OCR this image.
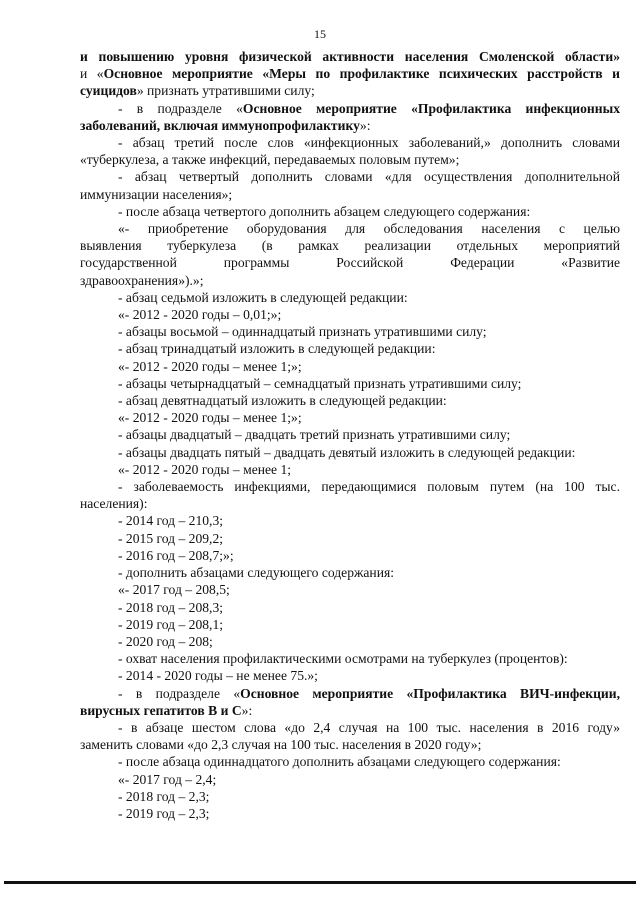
15

и повышению уровня физической активности населения Смоленской области»

и «Основное мероприятие «Меры по профилактике психических расстройств и

суицидов» признать утратившими силу;

- в подразделе «Основное мероприятие «Профилактика инфекционных

заболеваний, включая иммунопрофилактику»:

- абзац третий после слов «инфекционных заболеваний,» дополнить словами

«туберкулеза, а также инфекций, передаваемых половым путем»;

- абзац четвертый дополнить словами «для осуществления дополнительной

иммунизации населения»;

- после абзаца четвертого дополнить абзацем следующего содержания:

«- приобретение оборудования для обследования населения с целью

выявления туберкулеза (в рамках реализации отдельных мероприятий

государственной программы Российской Федерации «Развитие

здравоохранения»).»;

- абзац седьмой изложить в следующей редакции:

«- 2012 - 2020 годы – 0,01;»;

- абзацы восьмой – одиннадцатый признать утратившими силу;

- абзац тринадцатый изложить в следующей редакции:

«- 2012 - 2020 годы – менее 1;»;

- абзацы четырнадцатый – семнадцатый признать утратившими силу;

- абзац девятнадцатый изложить в следующей редакции:

«- 2012 - 2020 годы – менее 1;»;

- абзацы двадцатый – двадцать третий признать утратившими силу;

- абзацы двадцать пятый – двадцать девятый изложить в следующей редакции:

«- 2012 - 2020 годы – менее 1;

- заболеваемость инфекциями, передающимися половым путем (на 100 тыс.

населения):

- 2014 год – 210,3;

- 2015 год – 209,2;

- 2016 год – 208,7;»;

- дополнить абзацами следующего содержания:

«- 2017 год – 208,5;

- 2018 год – 208,3;

- 2019 год – 208,1;

- 2020 год – 208;

- охват населения профилактическими осмотрами на туберкулез (процентов):

- 2014 - 2020 годы – не менее 75.»;

- в подразделе «Основное мероприятие «Профилактика ВИЧ-инфекции,

вирусных гепатитов В и С»:

- в абзаце шестом слова «до 2,4 случая на 100 тыс. населения в 2016 году»

заменить словами «до 2,3 случая на 100 тыс. населения в 2020 году»;

- после абзаца одиннадцатого дополнить абзацами следующего содержания:

«- 2017 год – 2,4;

- 2018 год – 2,3;

- 2019 год – 2,3;
